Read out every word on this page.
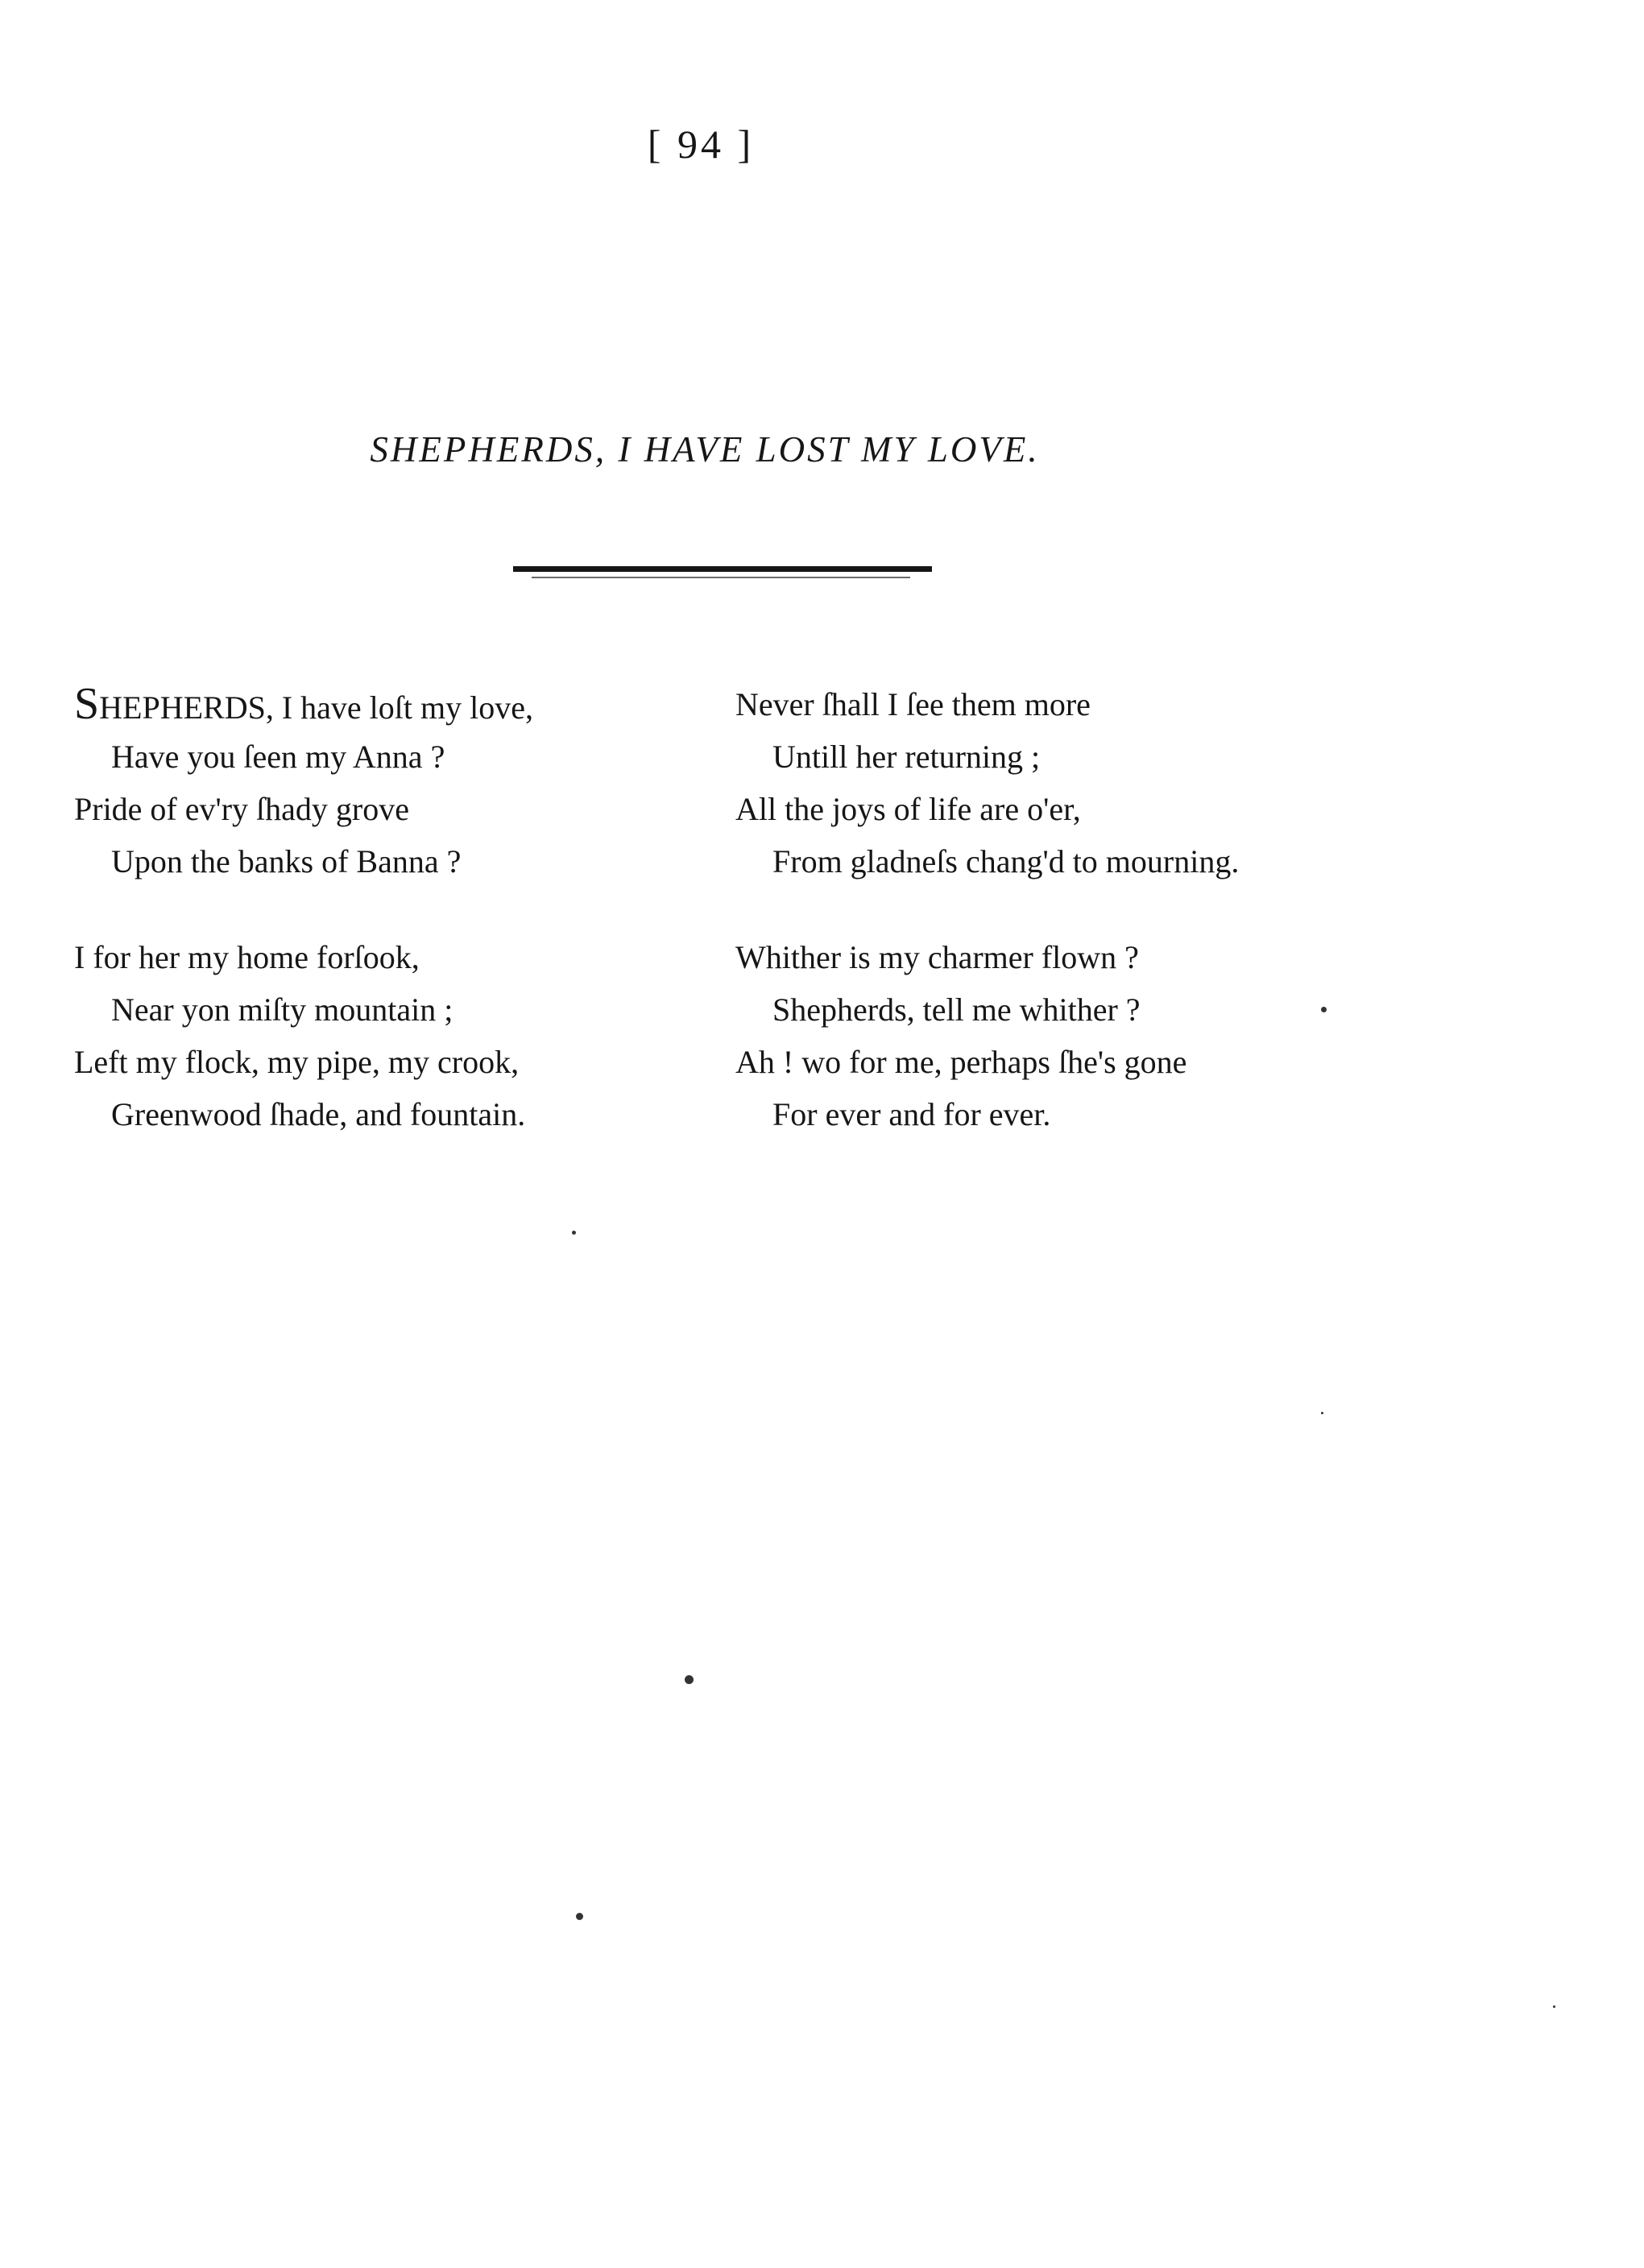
[ 94 ]
SHEPHERDS, I HAVE LOST MY LOVE.
SHEPHERDS, I have loſt my love,
Have you ſeen my Anna ?
Pride of ev'ry ſhady grove
Upon the banks of Banna ?
I for her my home forſook,
Near yon miſty mountain ;
Left my flock, my pipe, my crook,
Greenwood ſhade, and fountain.
Never ſhall I ſee them more
Untill her returning ;
All the joys of life are o'er,
From gladneſs chang'd to mourning.
Whither is my charmer flown ?
Shepherds, tell me whither ?
Ah ! wo for me, perhaps ſhe's gone
For ever and for ever.
